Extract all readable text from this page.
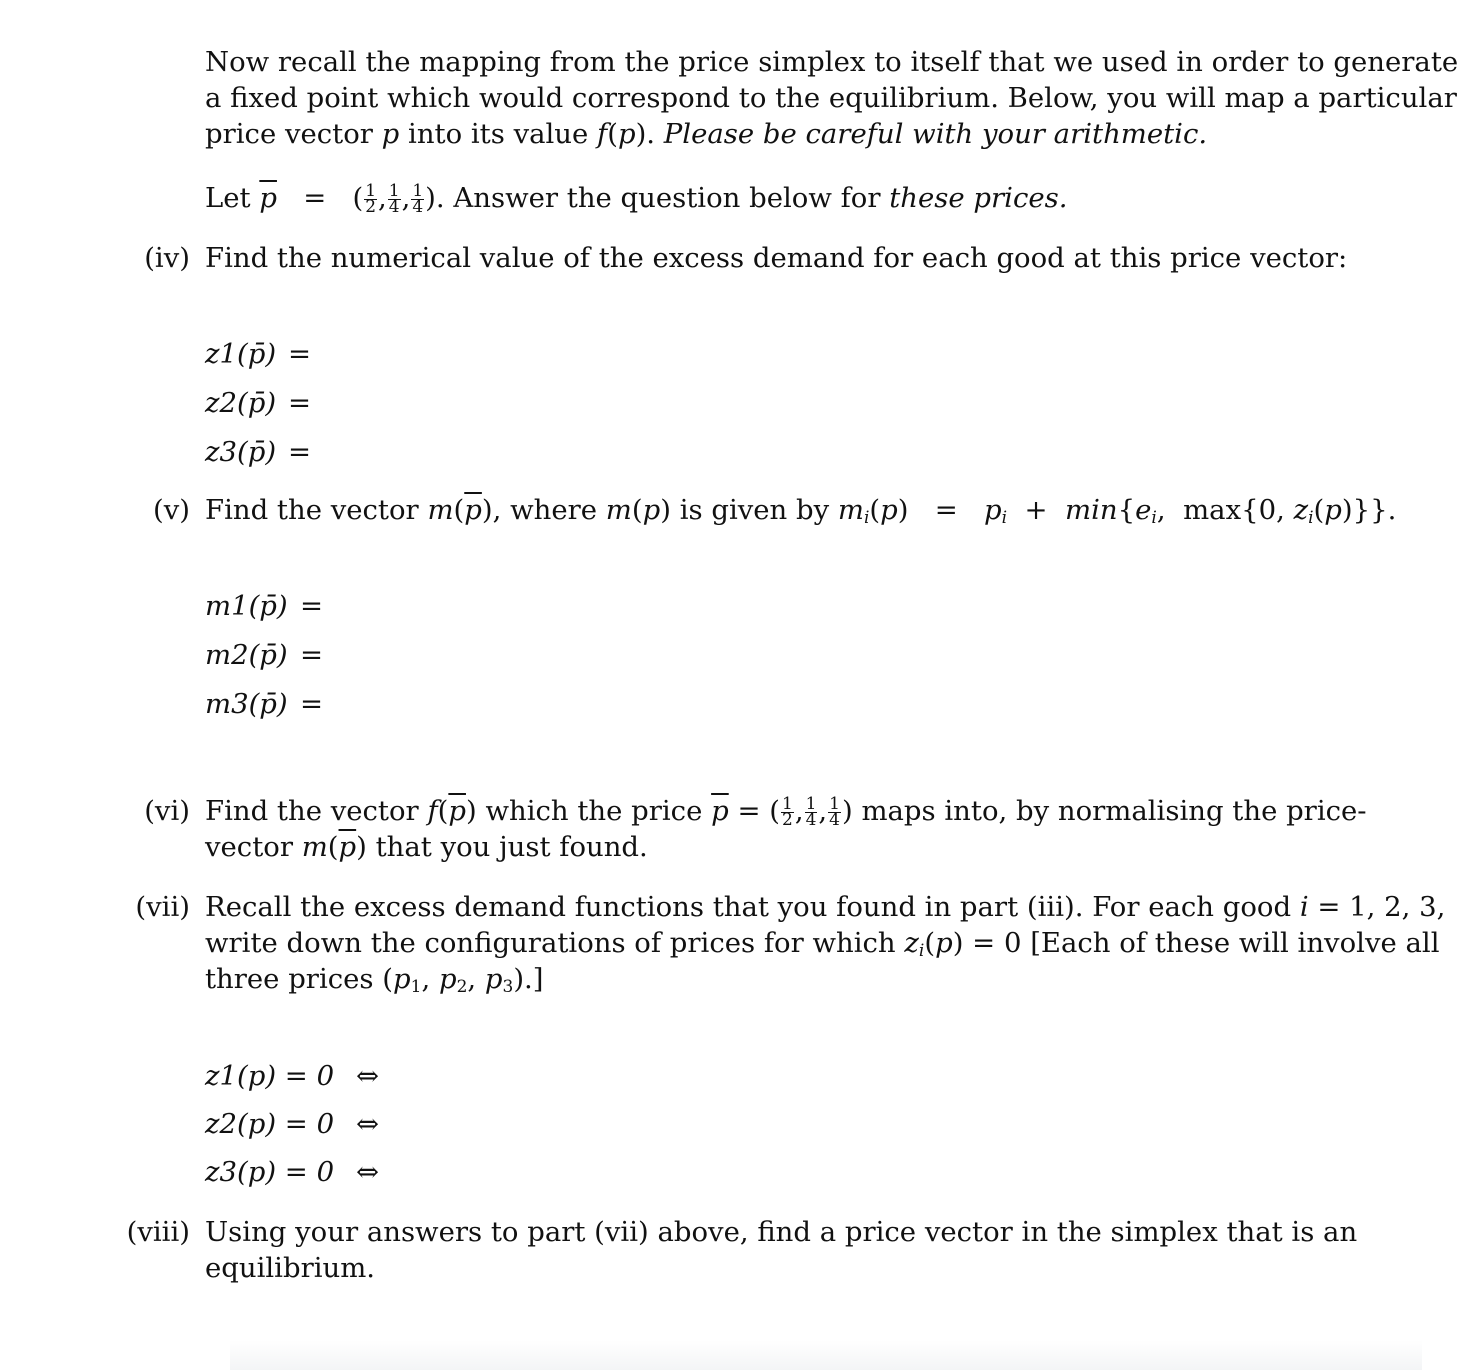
Now recall the mapping from the price simplex to itself that we used in order to generate
a fixed point which would correspond to the equilibrium. Below, you will map a particular
price vector p into its value f(p). Please be careful with your arithmetic.
Let $\overline{p}$ =   ( $\frac{1}{2}$ , $\frac{1}{4}$ , $\frac{1}{4}$ ). Answer the question below for these prices.
(iv) Find the numerical value of the excess demand for each good at this price vector:
z1(p̄) =
z2(p̄) =
z3(p̄) =
(v) Find the vector $m(\overline{p})$, where m(p) is given by $m_i(p) = p_i + \min\{e_i$,  max{0, $z_i(p)$}}.
m1(p̄) =
m2(p̄) =
m3(p̄) =
(vi) Find the vector $f(\overline{p})$ which the price $\overline{p}$ = ( $\frac{1}{2}$ , $\frac{1}{4}$ , $\frac{1}{4}$ ) maps into, by normalising the price-
vector $m(\overline{p})$ that you just found.
(vii) Recall the excess demand functions that you found in part (iii). For each good i = 1, 2, 3,
write down the configurations of prices for which $z_i(p) = 0$ [Each of these will involve all
three prices ($p_1$, $p_2$, $p_3$).]
z1(p) = 0 ⇔
z2(p) = 0 ⇔
z3(p) = 0 ⇔
(viii) Using your answers to part (vii) above, find a price vector in the simplex that is an
equilibrium.
